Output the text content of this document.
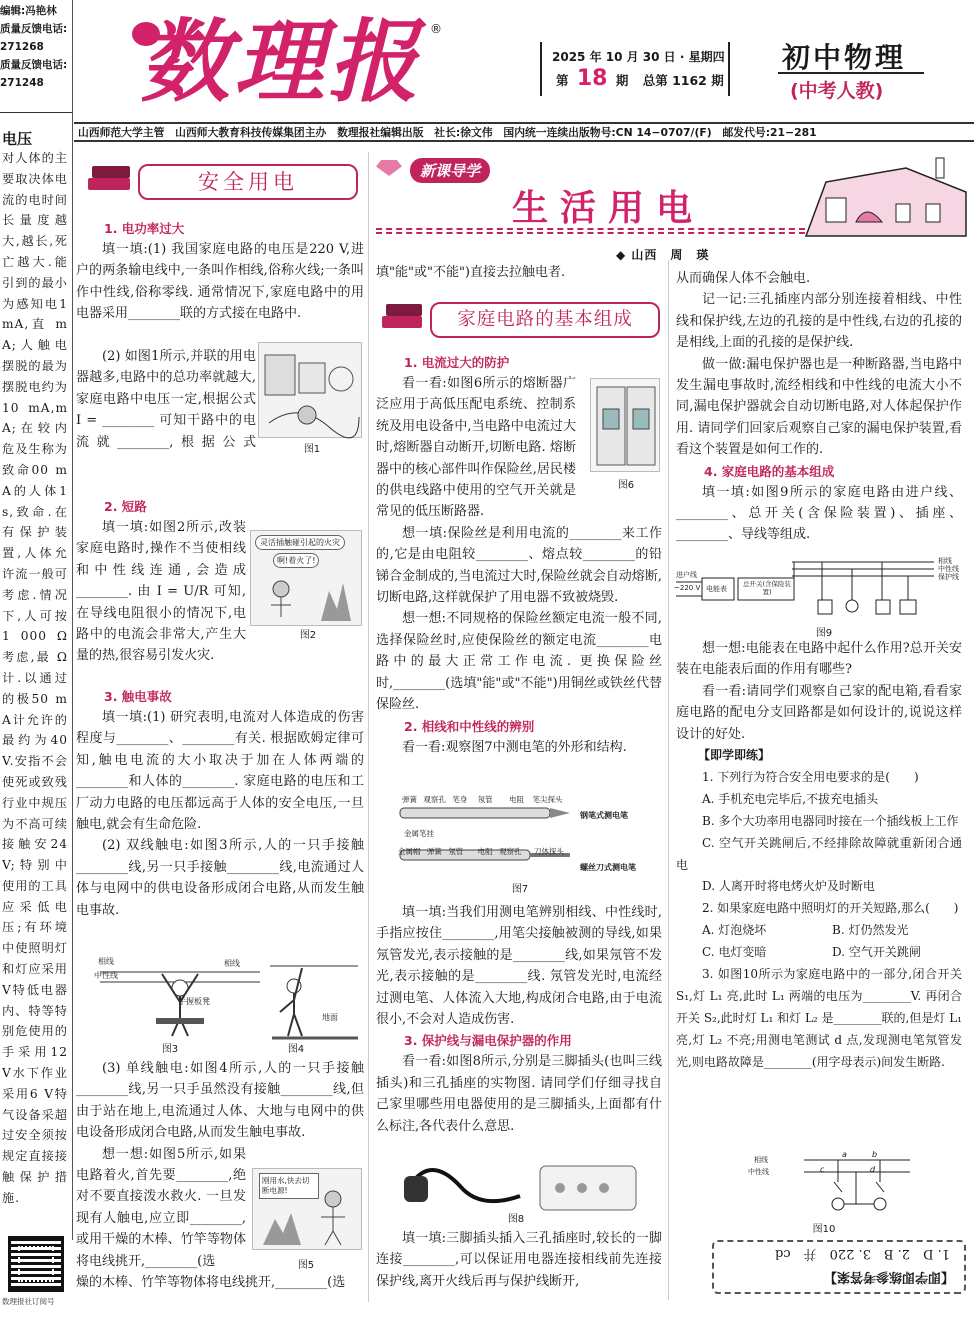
编辑:冯艳林
质量反馈电话:
271268
质量反馈电话:
271248 数理报 ®
2025 年 10 月 30 日 · 星期四
第 18 期 总第 1162 期
初中物理
(中考人教)
山西师范大学主管　山西师大教育科技传媒集团主办　数理报社编辑出版　社长:徐文伟　国内统一连续出版物号:CN 14−0707/(F)　邮发代号:21−281
电压
对人体的主要取决体电流的电时间长量度越大,越长,死亡越大.能引到的最小为感知电1 mA,直 mA;人触电摆脱的最为摆脱电约为10 mA,mA;在较内危及生称为致命00 mA的人体1 s,致命.在有保护装置,人体允许流一般可考虑.情况下,人可按1 000 Ω考虑,最 Ω计.以通过的极50 mA计允许的最约为40 V.安指不会使死或致残行业中规压为不高可续接触安24 V;特别中使用的工具应采低电压;有环境中使照明灯和灯应采用V特低电器内、特等特别危使用的手采用12 V水下作业采用6 V特气设备采超过安全须按规定直接接触保护措施.
数理报社订阅号
安全用电
1. 电功率过大

填一填:(1) 我国家庭电路的电压是220 V,进户的两条输电线中,一条叫作相线,俗称火线;一条叫作中性线,俗称零线. 通常情况下,家庭电路中的用电器采用________联的方式接在电路中.

图1

(2) 如图1所示,并联的用电器越多,电路中的总功率就越大,家庭电路中电压一定,根据公式 I = ________ 可知干路中的电流就________,根据公式

2. 短路

填一填:如图2所示,改装家庭电路时,操作不当使相线和中性线连通,会造成________. 由 I = U/R 可知,在导线电阻很小的情况下,电路中的电流会非常大,产生大量的热,很容易引发火灾.

灵活插触碰引起的火灾
啊!着火了!
图2
3. 触电事故

填一填:(1) 研究表明,电流对人体造成的伤害程度与________、________有关. 根据欧姆定律可知,触电电流的大小取决于加在人体两端的________和人体的________. 家庭电路的电压和工厂动力电路的电压都远高于人体的安全电压,一旦触电,就会有生命危险.

(2) 双线触电:如图3所示,人的一只手接触________线,另一只手接触________线,电流通过人体与电网中的供电设备形成闭合电路,从而发生触电事故.

相线
中性线
手握板凳
相线
地面
图3	图4

(3) 单线触电:如图4所示,人的一只手接触________线,另一只手虽然没有接触________线,但由于站在地上,电流通过人体、大地与电网中的供电设备形成闭合电路,从而发生触电事故.

想一想:如图5所示,如果电路着火,首先要________,绝对不要直接泼水救火. 一旦发现有人触电,应立即________,或用干燥的木棒、竹竿等物体将电线挑开,________(选

刚用水,快去切断电源!
图5

燥的木棒、竹竿等物体将电线挑开,________(选

新课导学
生活用电
◆ 山西　周　瑛

填"能"或"不能")直接去拉触电者.

家庭电路的基本组成
1. 电流过大的防护

看一看:如图6所示的熔断器广泛应用于高低压配电系统、控制系统及用电设备中,当电路中电流过大时,熔断器自动断开,切断电路. 熔断器中的核心部件叫作保险丝,居民楼的供电线路中使用的空气开关就是常见的低压断路器.

想一填:保险丝是利用电流的________来工作的,它是由电阻较________、熔点较________的铅锑合金制成的,当电流过大时,保险丝就会自动熔断,切断电路,这样就保护了用电器不致被烧毁.

想一想:不同规格的保险丝额定电流一般不同,选择保险丝时,应使保险丝的额定电流________电路中的最大正常工作电流. 更换保险丝时,________(选填"能"或"不能")用铜丝或铁丝代替保险丝.

2. 相线和中性线的辨别

看一看:观察图7中测电笔的外形和结构.

图6
弹簧 观察孔 笔身 氖管 电阻 笔尖探头
金属笔挂
钢笔式测电笔
金属帽 弹簧 氖管 电阻 观察孔 刀体探头
螺丝刀式测电笔
图7

填一填:当我们用测电笔辨别相线、中性线时,手指应按住________,用笔尖接触被测的导线,如果氖管发光,表示接触的是________线,如果氖管不发光,表示接触的是________线. 氖管发光时,电流经过测电笔、人体流入大地,构成闭合电路,由于电流很小,不会对人造成伤害.

3. 保护线与漏电保护器的作用

看一看:如图8所示,分别是三脚插头(也叫三线插头)和三孔插座的实物图. 请同学们仔细寻找自己家里哪些用电器使用的是三脚插头,上面都有什么标注,各代表什么意思.

图8

填一填:三脚插头插入三孔插座时,较长的一脚连接________,可以保证用电器连接相线前先连接保护线,离开火线后再与保护线断开,

从而确保人体不会触电.

记一记:三孔插座内部分别连接着相线、中性线和保护线,左边的孔接的是中性线,右边的孔接的是相线,上面的孔接的是保护线.

做一做:漏电保护器也是一种断路器,当电路中发生漏电事故时,流经相线和中性线的电流大小不同,漏电保护器就会自动切断电路,对人体起保护作用. 请同学们回家后观察自己家的漏电保护装置,看看这个装置是如何工作的.

4. 家庭电路的基本组成

填一填:如图9所示的家庭电路由进户线、________、总开关(含保险装置)、插座、________、导线等组成.

相线
中性线
保护线
进户线
~220 V 电能表
总开关(含保险装置)
图9

想一想:电能表在电路中起什么作用?总开关安装在电能表后面的作用有哪些?

看一看:请同学们观察自己家的配电箱,看看家庭电路的配电分支回路都是如何设计的,说说这样设计的好处.

【即学即练】

1. 下列行为符合安全用电要求的是(　　)

A. 手机充电完毕后,不拔充电插头

B. 多个大功率用电器同时接在一个插线板上工作

C. 空气开关跳闸后,不经排除故障就重新闭合通电

D. 人离开时将电烤火炉及时断电

2. 如果家庭电路中照明灯的开关短路,那么(　　)

A. 灯泡烧坏	B. 灯仍然发光
C. 电灯变暗	D. 空气开关跳闸

3. 如图10所示为家庭电路中的一部分,闭合开关 S₁,灯 L₁ 亮,此时 L₁ 两端的电压为________V. 再闭合开关 S₂,此时灯 L₁ 和灯 L₂ 是________联的,但是灯 L₁ 亮,灯 L₂ 不亮;用测电笔测试 d 点,发现测电笔氖管发光,则电路故障是________(用字母表示)间发生断路.

相线
中性线
a	b
c	d
图10
【即学即练参考答案】
1. D　2. B　3. 220　并　cd
